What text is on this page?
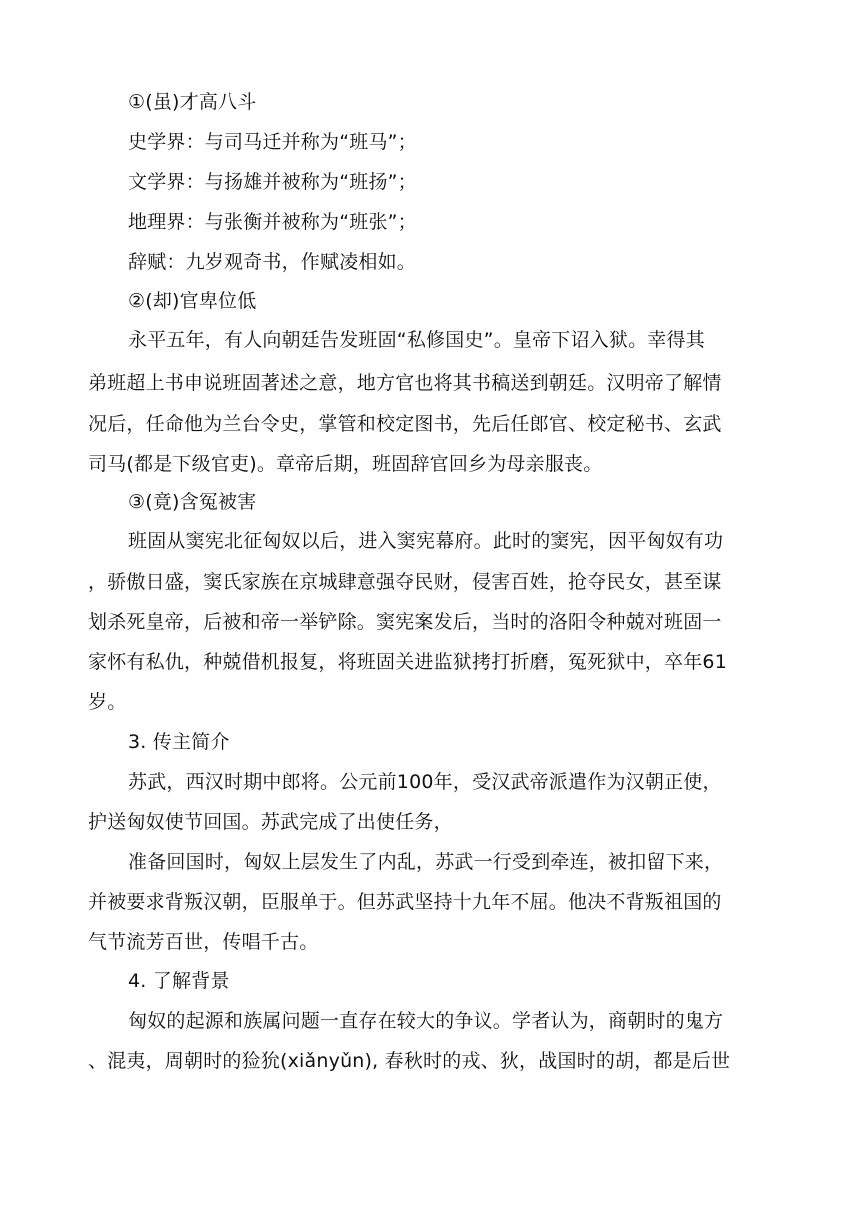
①(虽)才高八斗
史学界：与司马迁并称为“班马”；
文学界：与扬雄并被称为“班扬”；
地理界：与张衡并被称为“班张”；
辞赋：九岁观奇书，作赋凌相如。
②(却)官卑位低
永平五年，有人向朝廷告发班固“私修国史”。皇帝下诏入狱。幸得其
弟班超上书申说班固著述之意，地方官也将其书稿送到朝廷。汉明帝了解情
况后，任命他为兰台令史，掌管和校定图书，先后任郎官、校定秘书、玄武
司马(都是下级官吏)。章帝后期，班固辞官回乡为母亲服丧。
③(竟)含冤被害
班固从窦宪北征匈奴以后，进入窦宪幕府。此时的窦宪，因平匈奴有功
，骄傲日盛，窦氏家族在京城肆意强夺民财，侵害百姓，抢夺民女，甚至谋
划杀死皇帝，后被和帝一举铲除。窦宪案发后，当时的洛阳令种兢对班固一
家怀有私仇，种兢借机报复，将班固关进监狱拷打折磨，冤死狱中，卒年61
岁。
3. 传主简介
苏武，西汉时期中郎将。公元前100年，受汉武帝派遣作为汉朝正使，
护送匈奴使节回国。苏武完成了出使任务，
准备回国时，匈奴上层发生了内乱，苏武一行受到牵连，被扣留下来，
并被要求背叛汉朝，臣服单于。但苏武坚持十九年不屈。他决不背叛祖国的
气节流芳百世，传唱千古。
4. 了解背景
匈奴的起源和族属问题一直存在较大的争议。学者认为，商朝时的鬼方
、混夷，周朝时的猃狁(xiǎnyǔn), 春秋时的戎、狄，战国时的胡，都是后世
